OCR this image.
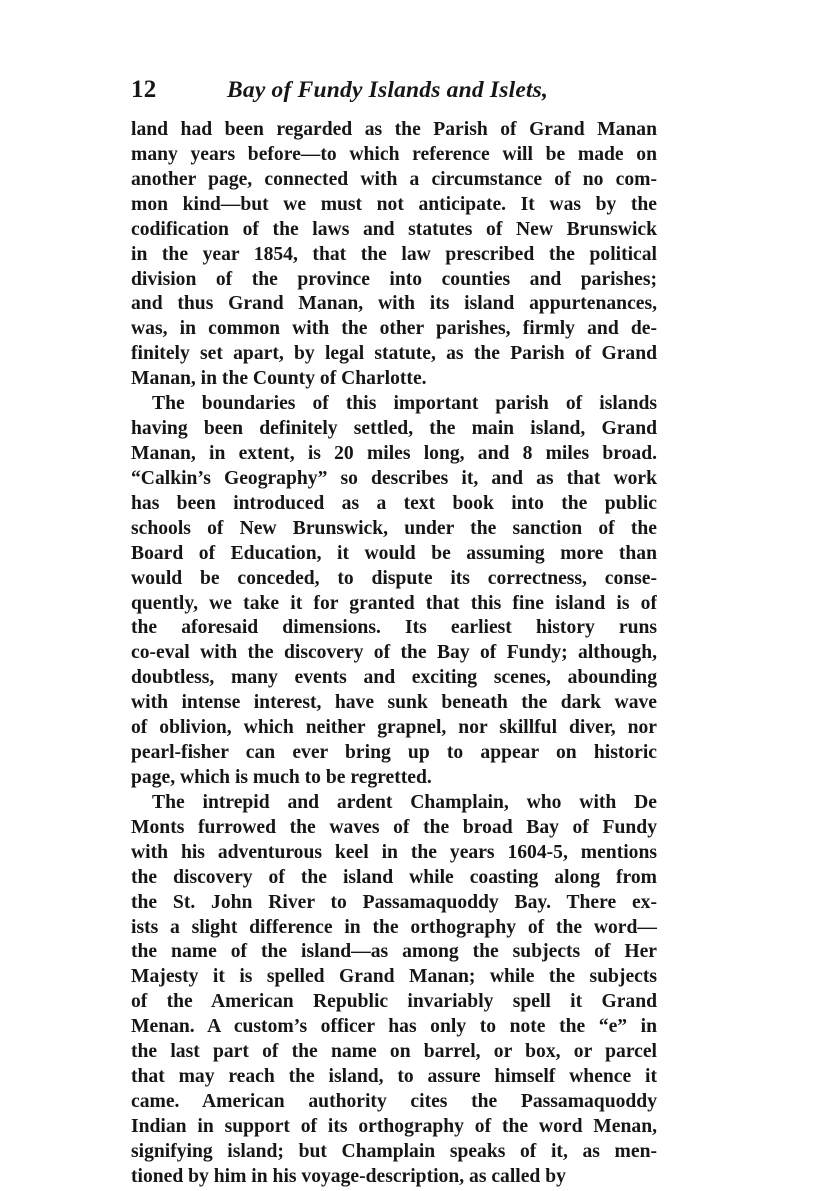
12	Bay of Fundy Islands and Islets,
land had been regarded as the Parish of Grand Manan
many years before—to which reference will be made on
another page, connected with a circumstance of no com-
mon kind—but we must not anticipate. It was by the
codification of the laws and statutes of New Brunswick
in the year 1854, that the law prescribed the political
division of the province into counties and parishes;
and thus Grand Manan, with its island appurtenances,
was, in common with the other parishes, firmly and de-
finitely set apart, by legal statute, as the Parish of Grand
Manan, in the County of Charlotte.
The boundaries of this important parish of islands
having been definitely settled, the main island, Grand
Manan, in extent, is 20 miles long, and 8 miles broad.
“Calkin’s Geography” so describes it, and as that work
has been introduced as a text book into the public
schools of New Brunswick, under the sanction of the
Board of Education, it would be assuming more than
would be conceded, to dispute its correctness, conse-
quently, we take it for granted that this fine island is of
the aforesaid dimensions. Its earliest history runs
co-eval with the discovery of the Bay of Fundy; although,
doubtless, many events and exciting scenes, abounding
with intense interest, have sunk beneath the dark wave
of oblivion, which neither grapnel, nor skillful diver, nor
pearl-fisher can ever bring up to appear on historic
page, which is much to be regretted.
The intrepid and ardent Champlain, who with De
Monts furrowed the waves of the broad Bay of Fundy
with his adventurous keel in the years 1604-5, mentions
the discovery of the island while coasting along from
the St. John River to Passamaquoddy Bay. There ex-
ists a slight difference in the orthography of the word—
the name of the island—as among the subjects of Her
Majesty it is spelled Grand Manan; while the subjects
of the American Republic invariably spell it Grand
Menan. A custom’s officer has only to note the “e” in
the last part of the name on barrel, or box, or parcel
that may reach the island, to assure himself whence it
came. American authority cites the Passamaquoddy
Indian in support of its orthography of the word Menan,
signifying island; but Champlain speaks of it, as men-
tioned by him in his voyage-description, as called by
